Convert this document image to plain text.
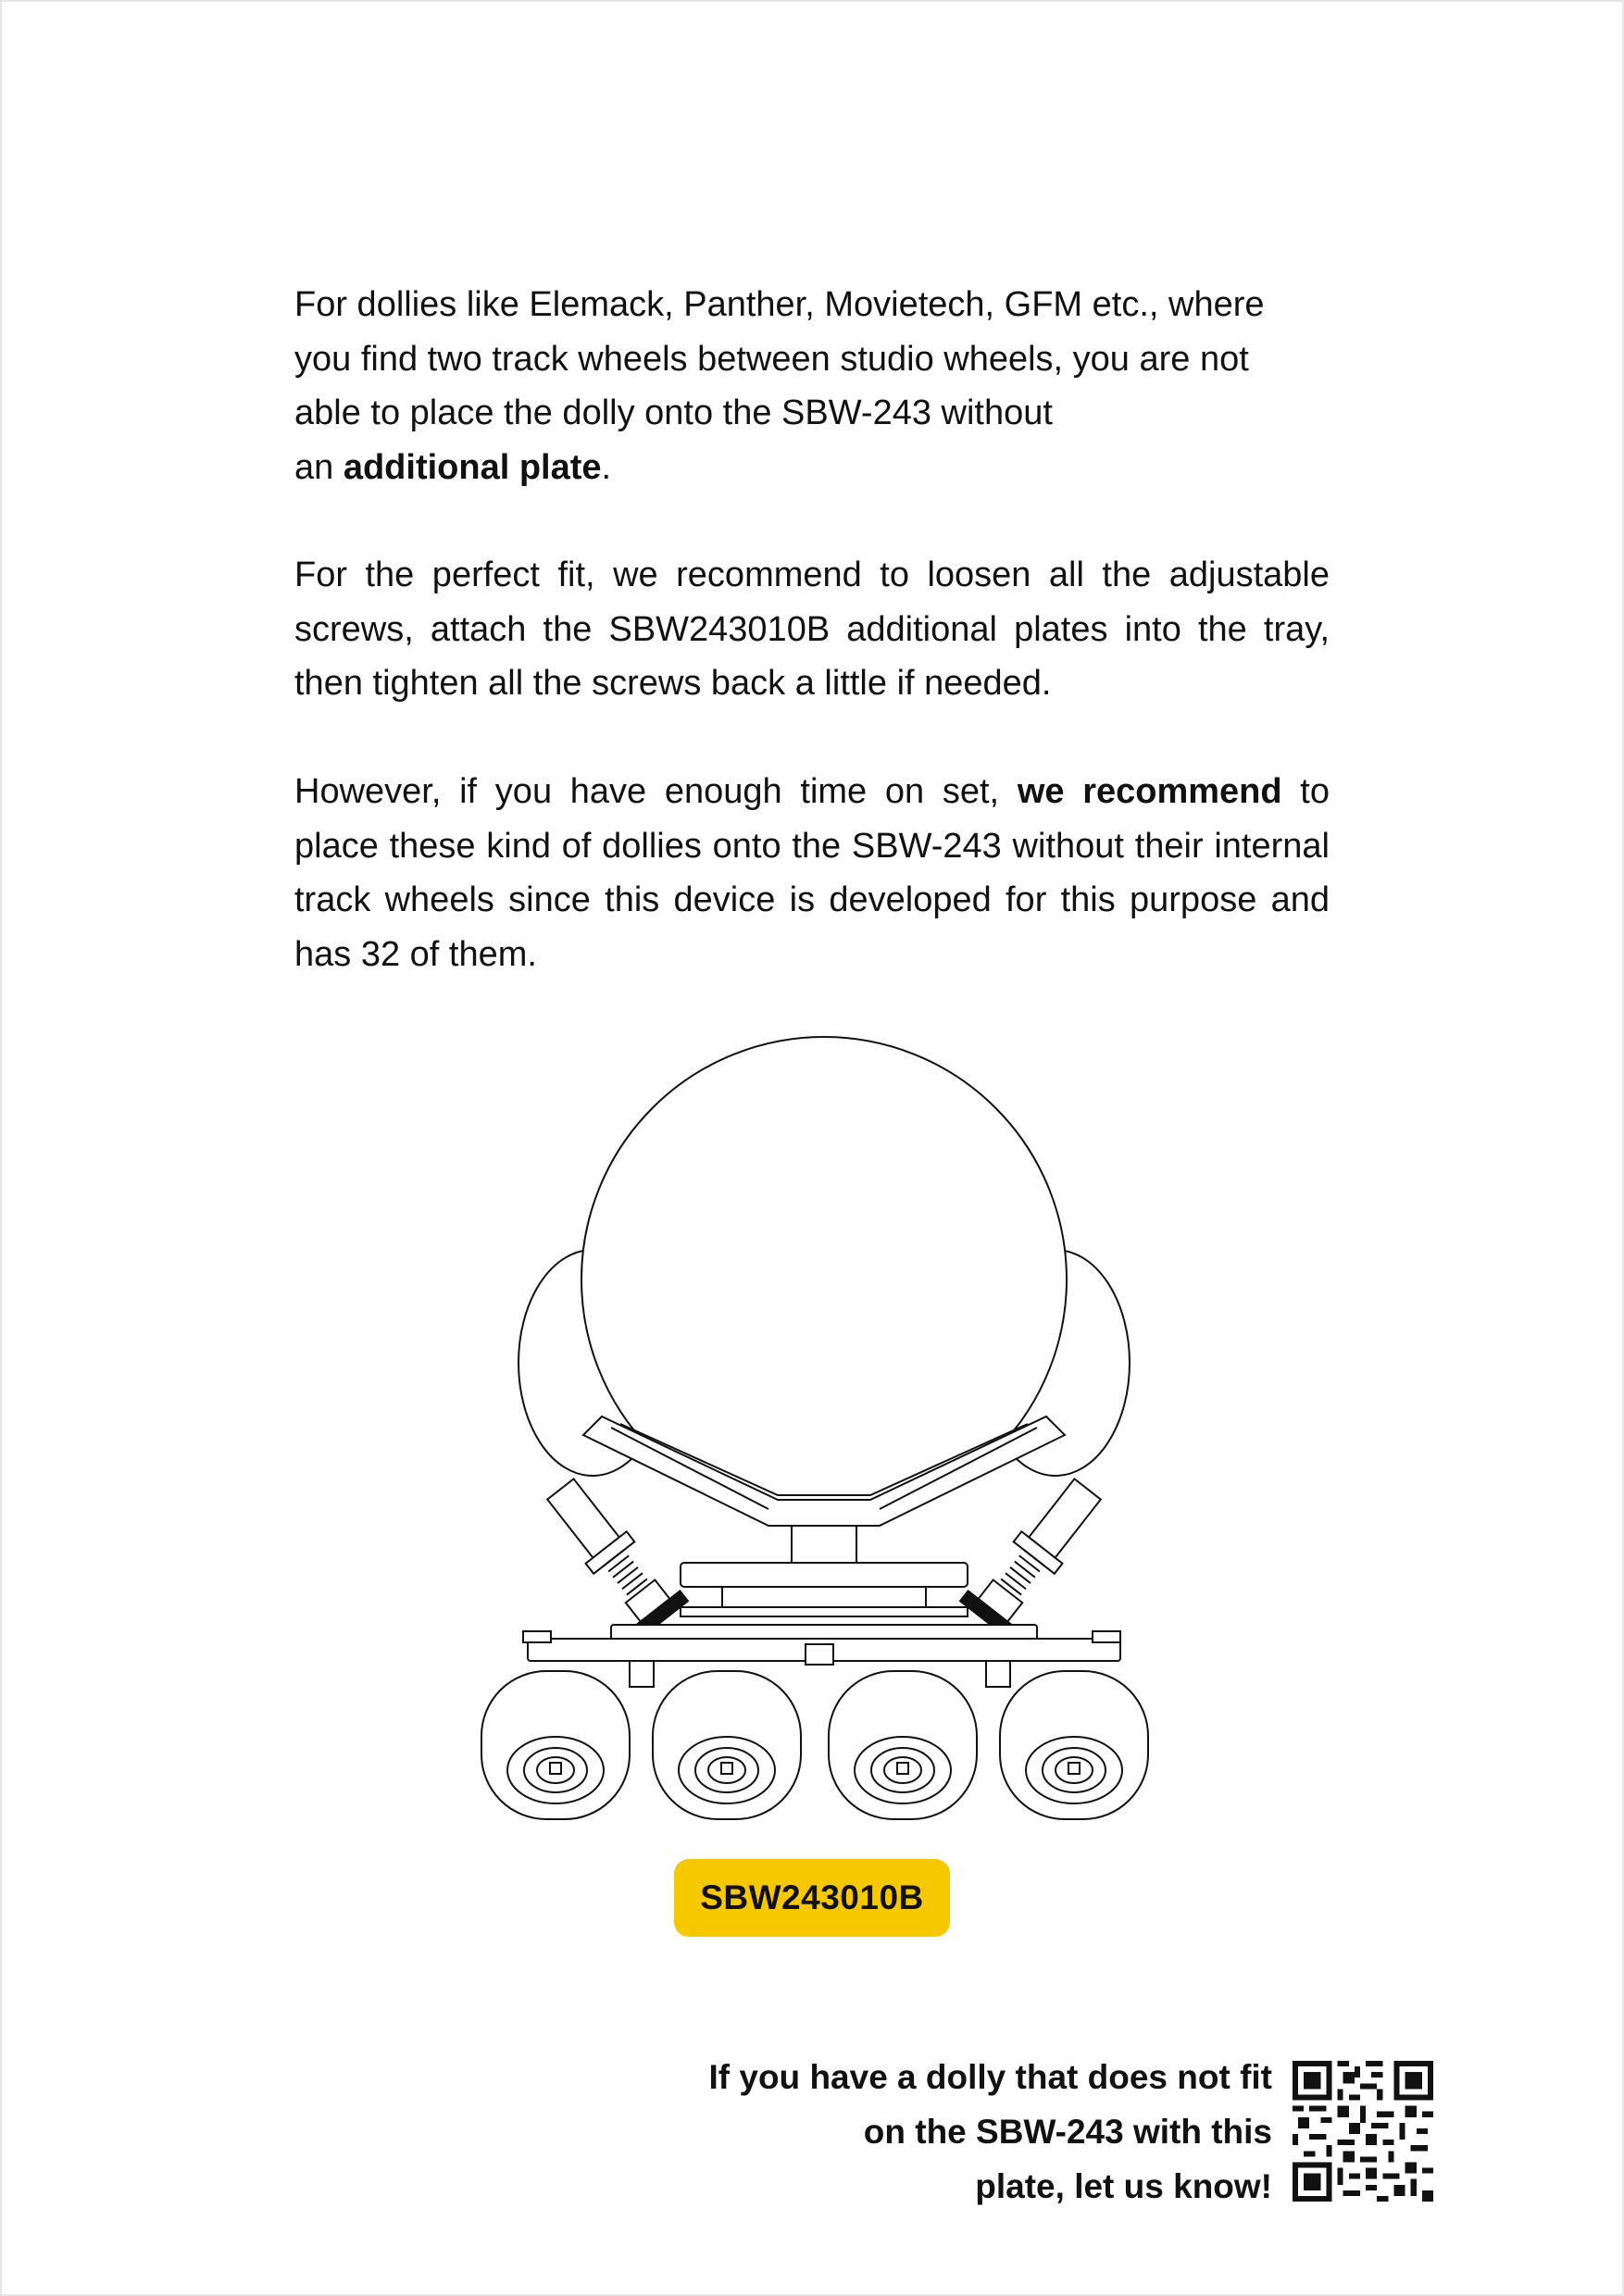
For dollies like Elemack, Panther, Movietech, GFM etc., where
you find two track wheels between studio wheels, you are not
able to place the dolly onto the SBW-243 without
an additional plate.

For the perfect fit, we recommend to loosen all the adjustable screws, attach the SBW243010B additional plates into the tray, then tighten all the screws back a little if needed.

However, if you have enough time on set, we recommend to place these kind of dollies onto the SBW-243 without their internal track wheels since this device is developed for this purpose and has 32 of them.

SBW243010B

If you have a dolly that does not fit
on the SBW-243 with this
plate, let us know!
